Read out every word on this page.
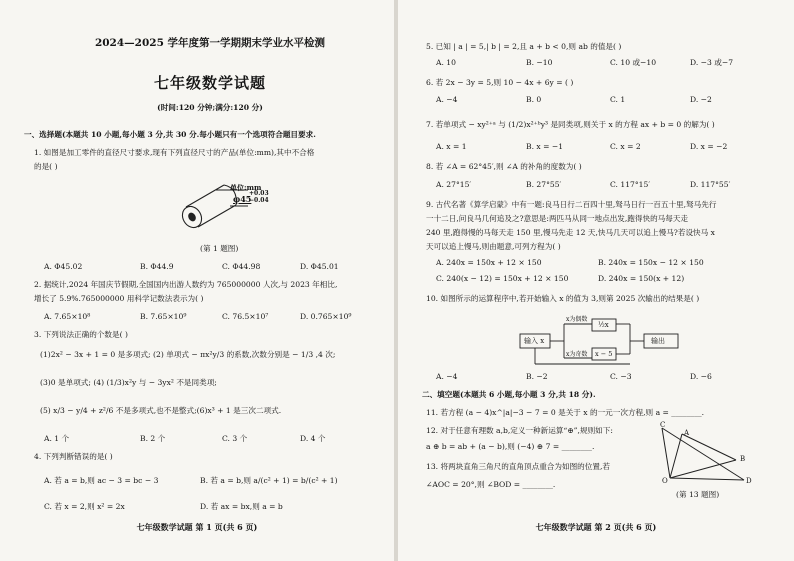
2024—2025 学年度第一学期期末学业水平检测
七年级数学试题
(时间:120 分钟;满分:120 分)
一、选择题(本题共 10 小题,每小题 3 分,共 30 分.每小题只有一个选项符合题目要求.
1. 如图是加工零件的直径尺寸要求,现有下列直径尺寸的产品(单位:mm),其中不合格
的是( )
单位:mm
φ45
+0.03
−0.04
(第 1 题图)
A. Φ45.02	B. Φ44.9	C. Φ44.98	D. Φ45.01
2. 据统计,2024 年国庆节假期,全国国内出游人数约为 765000000 人次,与 2023 年相比,
增长了 5.9%.765000000 用科学记数法表示为( )
A. 7.65×10⁸	B. 7.65×10⁹	C. 76.5×10⁷	D. 0.765×10⁹
3. 下列说法正确的个数是( )
(1)2x² − 3x + 1 = 0 是多项式; (2) 单项式 − πx²y/3 的系数,次数分别是 − 1/3 ,4 次;
(3)0 是单项式; (4) (1/3)x²y 与 − 3yx² 不是同类项;
(5) x/3 − y/4 + z²/6 不是多项式,也不是整式;(6)x³ + 1 是三次二项式.
A. 1 个	B. 2 个	C. 3 个	D. 4 个
4. 下列判断错误的是( )
A. 若 a = b,则 ac − 3 = bc − 3	B. 若 a = b,则 a/(c² + 1) = b/(c² + 1)
C. 若 x = 2,则 x² = 2x	D. 若 ax = bx,则 a = b
七年级数学试题 第 1 页(共 6 页)
5. 已知 | a | = 5,| b | = 2,且 a + b < 0,则 ab 的值是( )
A. 10	B. −10	C. 10 或−10	D. −3 或−7
6. 若 2x − 3y = 5,则 10 − 4x + 6y = ( )
A. −4	B. 0	C. 1	D. −2
7. 若单项式 − xy²⁺ᵃ 与 (1/2)x²⁺ᵇy³ 是同类项,则关于 x 的方程 ax + b = 0 的解为( )
A. x = 1	B. x = −1	C. x = 2	D. x = −2
8. 若 ∠A = 62°45′,则 ∠A 的补角的度数为( )
A. 27°15′	B. 27°55′	C. 117°15′	D. 117°55′
9. 古代名著《算学启蒙》中有一题:良马日行二百四十里,驽马日行一百五十里,驽马先行
一十二日,问良马几何追及之?意思是:两匹马从同一地点出发,跑得快的马每天走
240 里,跑得慢的马每天走 150 里,慢马先走 12 天,快马几天可以追上慢马?若设快马 x
天可以追上慢马,则由题意,可列方程为( )
A. 240x = 150x + 12 × 150	B. 240x = 150x − 12 × 150
C. 240(x − 12) = 150x + 12 × 150	D. 240x = 150(x + 12)
10. 如图所示的运算程序中,若开始输入 x 的值为 3,则第 2025 次输出的结果是( )
输入 x
x为偶数
x为奇数
½x
x − 5
输出
A. −4	B. −2	C. −3	D. −6
二、填空题(本题共 6 小题,每小题 3 分,共 18 分).
11. 若方程 (a − 4)x^|a|−3 − 7 = 0 是关于 x 的一元一次方程,则 a = ________.
12. 对于任意有理数 a,b,定义一种新运算“⊕”,规则如下:
a ⊕ b = ab + (a − b),则 (−4) ⊕ 7 = ________.
13. 将两块直角三角尺的直角顶点重合为如图的位置,若
∠AOC = 20°,则 ∠BOD = ________.
C
A
B
O	D
(第 13 题图)
七年级数学试题 第 2 页(共 6 页)
